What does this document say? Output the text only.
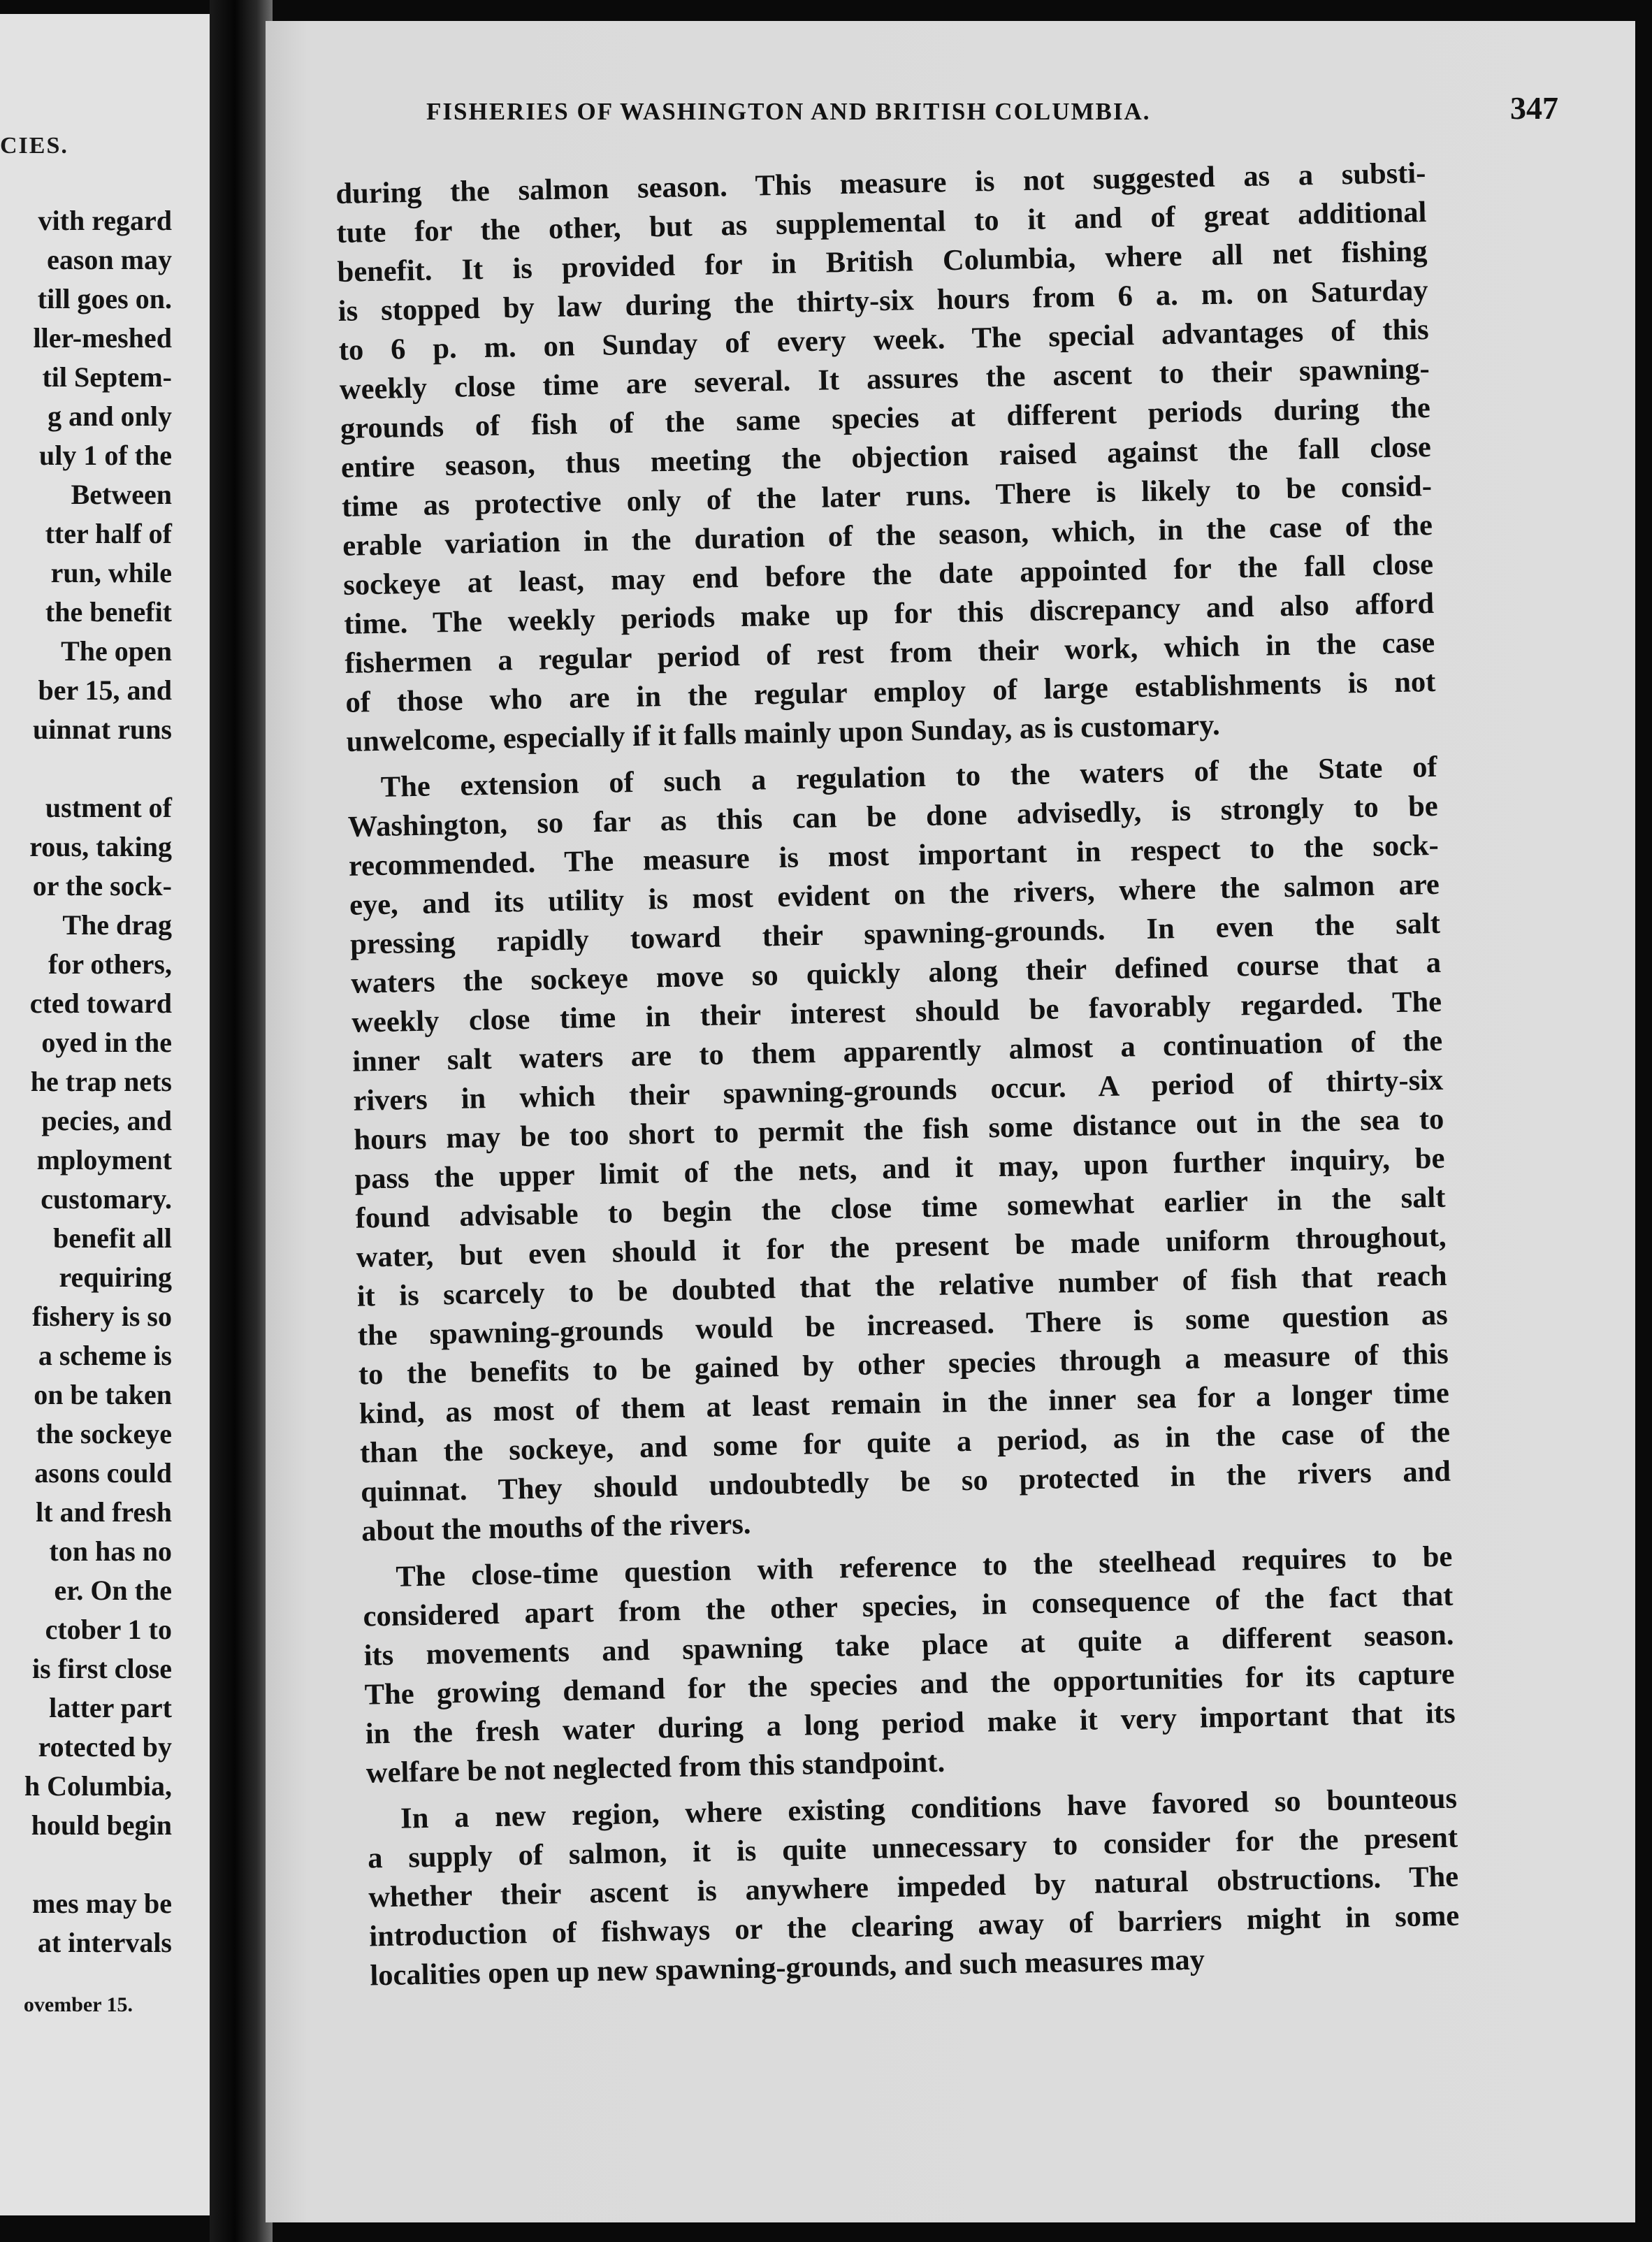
CIES.
vith regard
eason may
till goes on.
ller-meshed
til Septem-
g and only
uly 1 of the
Between
tter half of
run, while
the benefit
The open
ber 15, and
uinnat runs
ustment of
rous, taking
or the sock-
The drag
for others,
cted toward
oyed in the
he trap nets
pecies, and
mployment
customary.
benefit all
requiring
fishery is so
a scheme is
on be taken
the sockeye
asons could
lt and fresh
ton has no
er. On the
ctober 1 to
is first close
latter part
rotected by
h Columbia,
hould begin
mes may be
at intervals
ovember 15.
FISHERIES OF WASHINGTON AND BRITISH COLUMBIA.	347
during the salmon season. This measure is not suggested as a substi-
tute for the other, but as supplemental to it and of great additional
benefit. It is provided for in British Columbia, where all net fishing
is stopped by law during the thirty-six hours from 6 a. m. on Saturday
to 6 p. m. on Sunday of every week. The special advantages of this
weekly close time are several. It assures the ascent to their spawning-
grounds of fish of the same species at different periods during the
entire season, thus meeting the objection raised against the fall close
time as protective only of the later runs. There is likely to be consid-
erable variation in the duration of the season, which, in the case of the
sockeye at least, may end before the date appointed for the fall close
time. The weekly periods make up for this discrepancy and also afford
fishermen a regular period of rest from their work, which in the case
of those who are in the regular employ of large establishments is not
unwelcome, especially if it falls mainly upon Sunday, as is customary.
The extension of such a regulation to the waters of the State of
Washington, so far as this can be done advisedly, is strongly to be
recommended. The measure is most important in respect to the sock-
eye, and its utility is most evident on the rivers, where the salmon are
pressing rapidly toward their spawning-grounds. In even the salt
waters the sockeye move so quickly along their defined course that a
weekly close time in their interest should be favorably regarded. The
inner salt waters are to them apparently almost a continuation of the
rivers in which their spawning-grounds occur. A period of thirty-six
hours may be too short to permit the fish some distance out in the sea to
pass the upper limit of the nets, and it may, upon further inquiry, be
found advisable to begin the close time somewhat earlier in the salt
water, but even should it for the present be made uniform throughout,
it is scarcely to be doubted that the relative number of fish that reach
the spawning-grounds would be increased. There is some question as
to the benefits to be gained by other species through a measure of this
kind, as most of them at least remain in the inner sea for a longer time
than the sockeye, and some for quite a period, as in the case of the
quinnat. They should undoubtedly be so protected in the rivers and
about the mouths of the rivers.
The close-time question with reference to the steelhead requires to be
considered apart from the other species, in consequence of the fact that
its movements and spawning take place at quite a different season.
The growing demand for the species and the opportunities for its capture
in the fresh water during a long period make it very important that its
welfare be not neglected from this standpoint.
In a new region, where existing conditions have favored so bounteous
a supply of salmon, it is quite unnecessary to consider for the present
whether their ascent is anywhere impeded by natural obstructions. The
introduction of fishways or the clearing away of barriers might in some
localities open up new spawning-grounds, and such measures may
